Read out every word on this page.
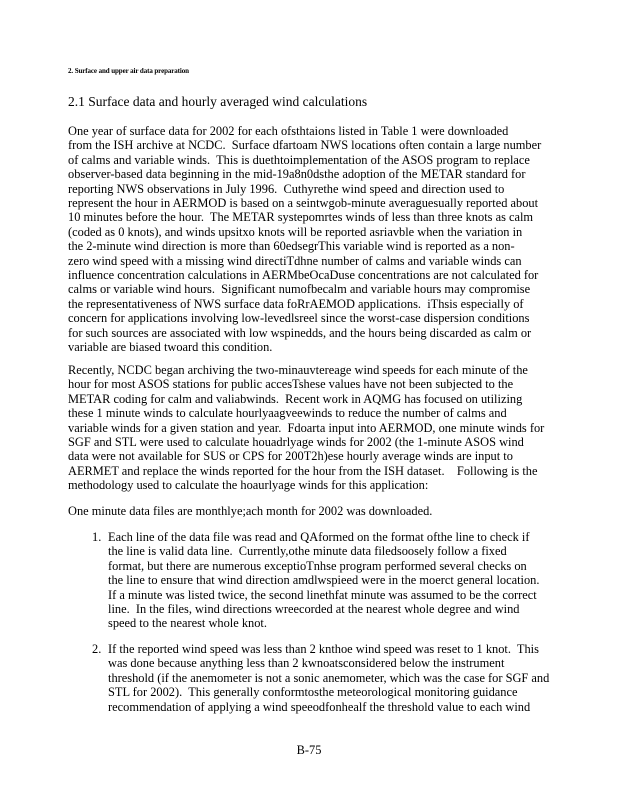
2. Surface and upper air data preparation
2.1 Surface data and hourly averaged wind calculations
One year of surface data for 2002 for each ofsthtaions listed in Table 1 were downloaded
from the ISH archive at NCDC.  Surface dfartoam NWS locations often contain a large number
of calms and variable winds.  This is duethtoimplementation of the ASOS program to replace
observer-based data beginning in the mid-19a8n0dsthe adoption of the METAR standard for
reporting NWS observations in July 1996.  Cuthyrethe wind speed and direction used to
represent the hour in AERMOD is based on a seintwgob-minute averaguesually reported about
10 minutes before the hour.  The METAR systepomrtes winds of less than three knots as calm
(coded as 0 knots), and winds upsitxo knots will be reported asriavble when the variation in
the 2-minute wind direction is more than 60edsegrThis variable wind is reported as a non-
zero wind speed with a missing wind directiTdhne number of calms and variable winds can
influence concentration calculations in AERMbeOcaDuse concentrations are not calculated for
calms or variable wind hours.  Significant numofbecalm and variable hours may compromise
the representativeness of NWS surface data foRrAEMOD applications.  iThsis especially of
concern for applications involving low-levedlsreel since the worst-case dispersion conditions
for such sources are associated with low wspinedds, and the hours being discarded as calm or
variable are biased twoard this condition.
Recently, NCDC began archiving the two-minauvtereage wind speeds for each minute of the
hour for most ASOS stations for public accesTshese values have not been subjected to the
METAR coding for calm and valiabwinds.  Recent work in AQMG has focused on utilizing
these 1 minute winds to calculate hourlyaagveewinds to reduce the number of calms and
variable winds for a given station and year.  Fdoarta input into AERMOD, one minute winds for
SGF and STL were used to calculate houadrlyage winds for 2002 (the 1-minute ASOS wind
data were not available for SUS or CPS for 200T2h)ese hourly average winds are input to
AERMET and replace the winds reported for the hour from the ISH dataset.    Following is the
methodology used to calculate the hoaurlyage winds for this application:
One minute data files are monthlye;ach month for 2002 was downloaded.
1. Each line of the data file was read and QAformed on the format ofthe line to check if
the line is valid data line.  Currently,othe minute data filedsoosely follow a fixed
format, but there are numerous exceptioTnhse program performed several checks on
the line to ensure that wind direction amdlwspieed were in the moerct general location.
If a minute was listed twice, the second linethfat minute was assumed to be the correct
line.  In the files, wind directions wreecorded at the nearest whole degree and wind
speed to the nearest whole knot.
2. If the reported wind speed was less than 2 knthoe wind speed was reset to 1 knot.  This
was done because anything less than 2 kwnoatsconsidered below the instrument
threshold (if the anemometer is not a sonic anemometer, which was the case for SGF and
STL for 2002).  This generally conformtosthe meteorological monitoring guidance
recommendation of applying a wind speeodfonhealf the threshold value to each wind
B-75
